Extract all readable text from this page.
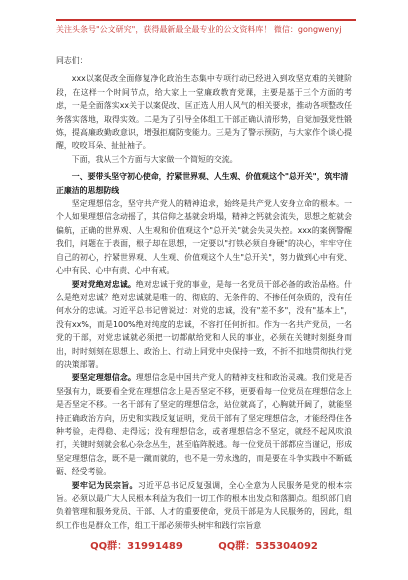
关注头条号"公文研究"，获得最新最全最专业的公文资料库！ 微信：gongwenyj

同志们：

xxx以案促改全面修复净化政治生态集中专项行动已经进入到攻坚克难的关键阶段，在这样一个时间节点，给大家上一堂廉政教育党课，主要是基于三个方面的考虑，一是全面落实xx关于以案促改、匡正选人用人风气的相关要求，推动各项整改任务落实落地，取得实效。二是为了引导全体组工干部正确认清形势，自觉加强党性锻炼，提高廉政勤政意识，增强拒腐防变能力。三是为了警示预防，与大家作个谈心提醒，咬咬耳朵、扯扯袖子。

下面，我从三个方面与大家做一个简短的交流。

一、要带头坚守初心使命，拧紧世界观、人生观、价值观这个"总开关"，筑牢清正廉洁的思想防线

坚定理想信念，坚守共产党人的精神追求，始终是共产党人安身立命的根本。一个人如果理想信念动摇了，其信仰之基就会坍塌，精神之钙就会流失，思想之舵就会偏航，正确的世界观、人生观和价值观这个"总开关"就会失灵失控。xxx的案例警醒我们，问题在于表面，根子却在思想，一定要以"打铁必须自身硬"的决心，牢牢守住自己的初心，拧紧世界观、人生观、价值观这个人生"总开关"，努力做到心中有党、心中有民、心中有责、心中有戒。

要对党绝对忠诚。绝对忠诚于党的事业，是每一名党员干部必备的政治品格。什么是绝对忠诚？绝对忠诚就是唯一的、彻底的、无条件的、不掺任何杂质的，没有任何水分的忠诚。习近平总书记曾说过：对党的忠诚，没有"差不多"，没有"基本上"，没有xx%，而是100%绝对纯度的忠诚，不容打任何折扣。作为一名共产党员，一名党的干部，对党忠诚就必须把一切都献给党和人民的事业，必须在关键时刻挺身而出，时时刻刻在思想上、政治上、行动上同党中央保持一致，不折不扣地贯彻执行党的决策部署。

要坚定理想信念。理想信念是中国共产党人的精神支柱和政治灵魂。我们党是否坚强有力，既要看全党在理想信念上是否坚定不移，更要看每一位党员在理想信念上是否坚定不移。一名干部有了坚定的理想信念，站位就高了，心胸就开阔了，就能坚持正确政治方向，历史和实践反复证明，党员干部有了坚定理想信念，才能经得住各种考验，走得稳、走得远；没有理想信念，或者理想信念不坚定，就经不起风吹浪打，关键时刻就会私心杂念丛生，甚至临阵脱逃。每一位党员干部都应当谨记，形成坚定理想信念，既不是一蹴而就的，也不是一劳永逸的，而是要在斗争实践中不断砥砺、经受考验。

要牢记为民宗旨。习近平总书记反复强调，全心全意为人民服务是党的根本宗旨。必须以最广大人民根本利益为我们一切工作的根本出发点和落脚点。组织部门肩负着管理和服务党员、干部、人才的重要使命，党员干部是为人民服务的，因此，组织工作也是群众工作，组工干部必须带头树牢和践行宗旨意

QQ群：31991489	QQ群：535304092
